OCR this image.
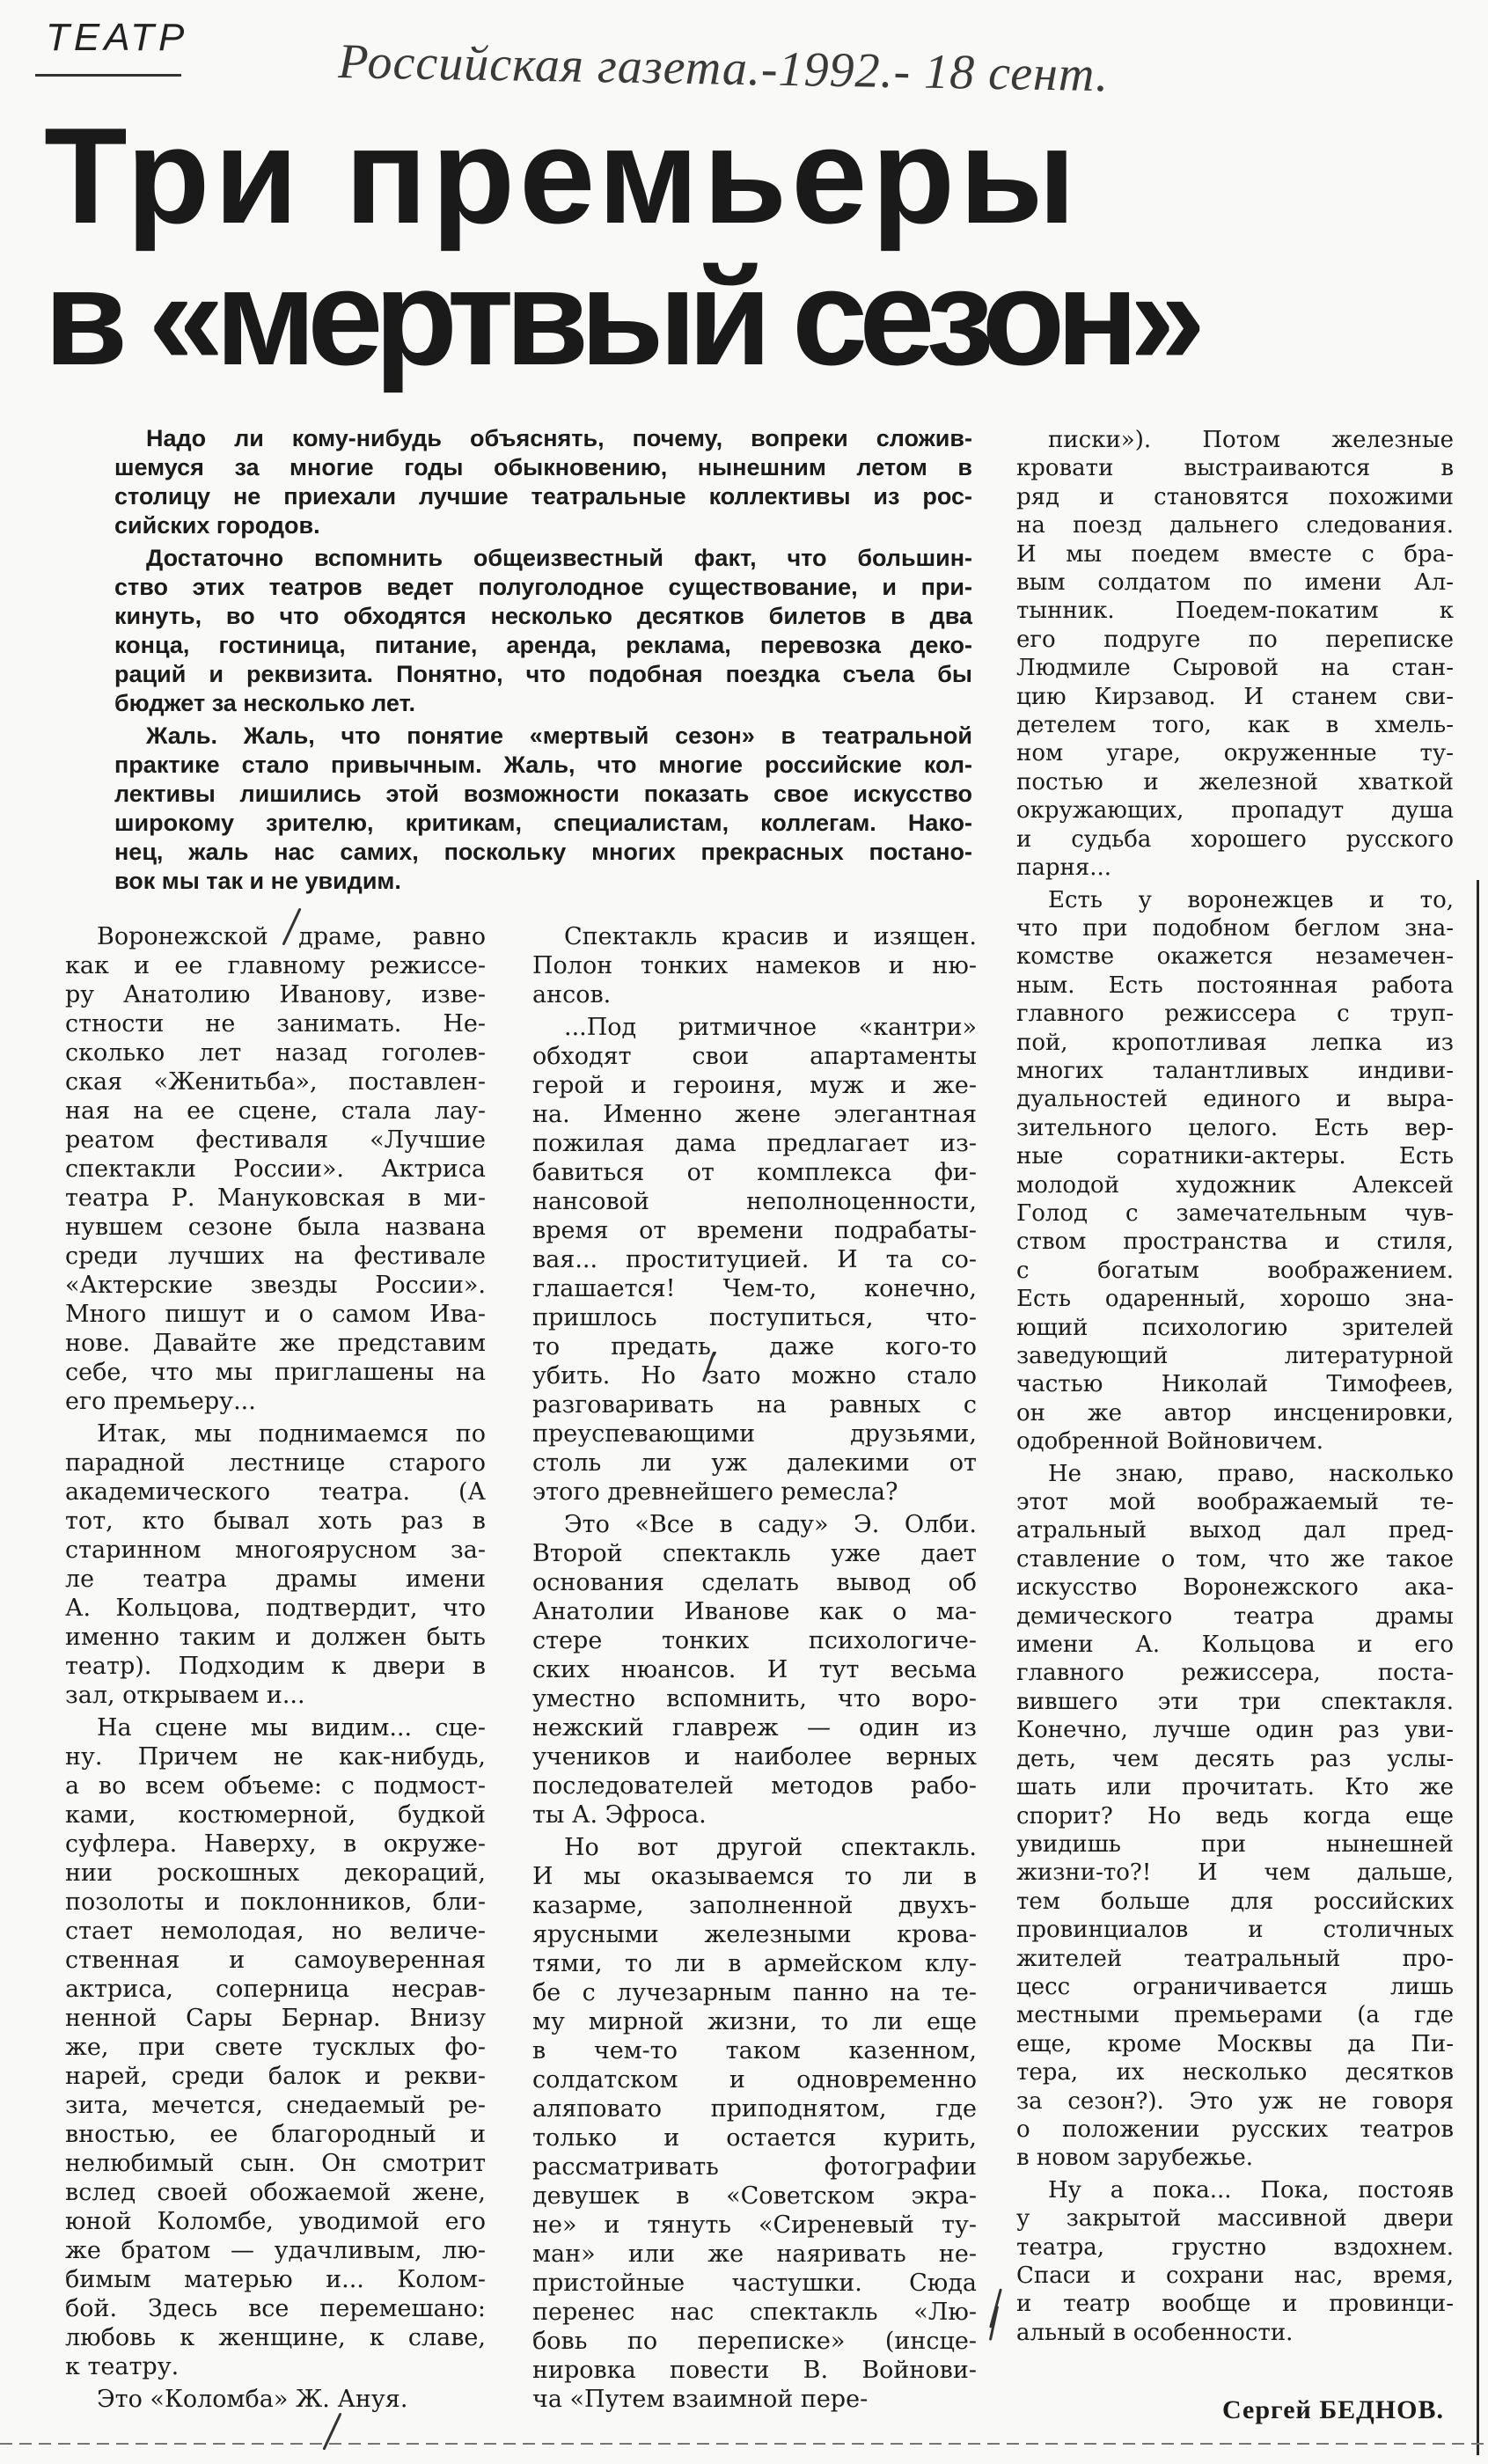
ТЕАТР	Российская газета.-1992.- 18 сент.
Три премьеры
в «мертвый сезон»
Надо ли кому-нибудь объяснять, почему, вопреки сложив-
шемуся за многие годы обыкновению, нынешним летом в
столицу не приехали лучшие театральные коллективы из рос-
сийских городов.
Достаточно вспомнить общеизвестный факт, что большин-
ство этих театров ведет полуголодное существование, и при-
кинуть, во что обходятся несколько десятков билетов в два
конца, гостиница, питание, аренда, реклама, перевозка деко-
раций и реквизита. Понятно, что подобная поездка съела бы
бюджет за несколько лет.
Жаль. Жаль, что понятие «мертвый сезон» в театральной
практике стало привычным. Жаль, что многие российские кол-
лективы лишились этой возможности показать свое искусство
широкому зрителю, критикам, специалистам, коллегам. Нако-
нец, жаль нас самих, поскольку многих прекрасных постано-
вок мы так и не увидим.
Воронежской драме, равно
как и ее главному режиссе-
ру Анатолию Иванову, изве-
стности не занимать. Не-
сколько лет назад гоголев-
ская «Женитьба», поставлен-
ная на ее сцене, стала лау-
реатом фестиваля «Лучшие
спектакли России». Актриса
театра Р. Мануковская в ми-
нувшем сезоне была названа
среди лучших на фестивале
«Актерские звезды России».
Много пишут и о самом Ива-
нове. Давайте же представим
себе, что мы приглашены на
его премьеру...
Итак, мы поднимаемся по
парадной лестнице старого
академического театра. (А
тот, кто бывал хоть раз в
старинном многоярусном за-
ле театра драмы имени
А. Кольцова, подтвердит, что
именно таким и должен быть
театр). Подходим к двери в
зал, открываем и...
На сцене мы видим... сце-
ну. Причем не как-нибудь,
а во всем объеме: с подмост-
ками, костюмерной, будкой
суфлера. Наверху, в окруже-
нии роскошных декораций,
позолоты и поклонников, бли-
стает немолодая, но величе-
ственная и самоуверенная
актриса, соперница несрав-
ненной Сары Бернар. Внизу
же, при свете тусклых фо-
нарей, среди балок и рекви-
зита, мечется, снедаемый ре-
вностью, ее благородный и
нелюбимый сын. Он смотрит
вслед своей обожаемой жене,
юной Коломбе, уводимой его
же братом — удачливым, лю-
бимым матерью и... Колом-
бой. Здесь все перемешано:
любовь к женщине, к славе,
к театру.
Это «Коломба» Ж. Ануя.
Спектакль красив и изящен.
Полон тонких намеков и ню-
ансов.
...Под ритмичное «кантри»
обходят свои апартаменты
герой и героиня, муж и же-
на. Именно жене элегантная
пожилая дама предлагает из-
бавиться от комплекса фи-
нансовой неполноценности,
время от времени подрабаты-
вая... проституцией. И та со-
глашается! Чем-то, конечно,
пришлось поступиться, что-
то предать, даже кого-то
убить. Но зато можно стало
разговаривать на равных с
преуспевающими друзьями,
столь ли уж далекими от
этого древнейшего ремесла?
Это «Все в саду» Э. Олби.
Второй спектакль уже дает
основания сделать вывод об
Анатолии Иванове как о ма-
стере тонких психологиче-
ских нюансов. И тут весьма
уместно вспомнить, что воро-
нежский главреж — один из
учеников и наиболее верных
последователей методов рабо-
ты А. Эфроса.
Но вот другой спектакль.
И мы оказываемся то ли в
казарме, заполненной двухъ-
ярусными железными крова-
тями, то ли в армейском клу-
бе с лучезарным панно на те-
му мирной жизни, то ли еще
в чем-то таком казенном,
солдатском и одновременно
аляповато приподнятом, где
только и остается курить,
рассматривать фотографии
девушек в «Советском экра-
не» и тянуть «Сиреневый ту-
ман» или же наяривать не-
пристойные частушки. Сюда
перенес нас спектакль «Лю-
бовь по переписке» (инсце-
нировка повести В. Войнови-
ча «Путем взаимной пере-
писки»). Потом железные
кровати выстраиваются в
ряд и становятся похожими
на поезд дальнего следования.
И мы поедем вместе с бра-
вым солдатом по имени Ал-
тынник. Поедем-покатим к
его подруге по переписке
Людмиле Сыровой на стан-
цию Кирзавод. И станем сви-
детелем того, как в хмель-
ном угаре, окруженные ту-
постью и железной хваткой
окружающих, пропадут душа
и судьба хорошего русского
парня...
Есть у воронежцев и то,
что при подобном беглом зна-
комстве окажется незамечен-
ным. Есть постоянная работа
главного режиссера с труп-
пой, кропотливая лепка из
многих талантливых индиви-
дуальностей единого и выра-
зительного целого. Есть вер-
ные соратники-актеры. Есть
молодой художник Алексей
Голод с замечательным чув-
ством пространства и стиля,
с богатым воображением.
Есть одаренный, хорошо зна-
ющий психологию зрителей
заведующий литературной
частью Николай Тимофеев,
он же автор инсценировки,
одобренной Войновичем.
Не знаю, право, насколько
этот мой воображаемый те-
атральный выход дал пред-
ставление о том, что же такое
искусство Воронежского ака-
демического театра драмы
имени А. Кольцова и его
главного режиссера, поста-
вившего эти три спектакля.
Конечно, лучше один раз уви-
деть, чем десять раз услы-
шать или прочитать. Кто же
спорит? Но ведь когда еще
увидишь при нынешней
жизни-то?! И чем дальше,
тем больше для российских
провинциалов и столичных
жителей театральный про-
цесс ограничивается лишь
местными премьерами (а где
еще, кроме Москвы да Пи-
тера, их несколько десятков
за сезон?). Это уж не говоря
о положении русских театров
в новом зарубежье.
Ну а пока... Пока, постояв
у закрытой массивной двери
театра, грустно вздохнем.
Спаси и сохрани нас, время,
и театр вообще и провинци-
альный в особенности.
Сергей БЕДНОВ.
